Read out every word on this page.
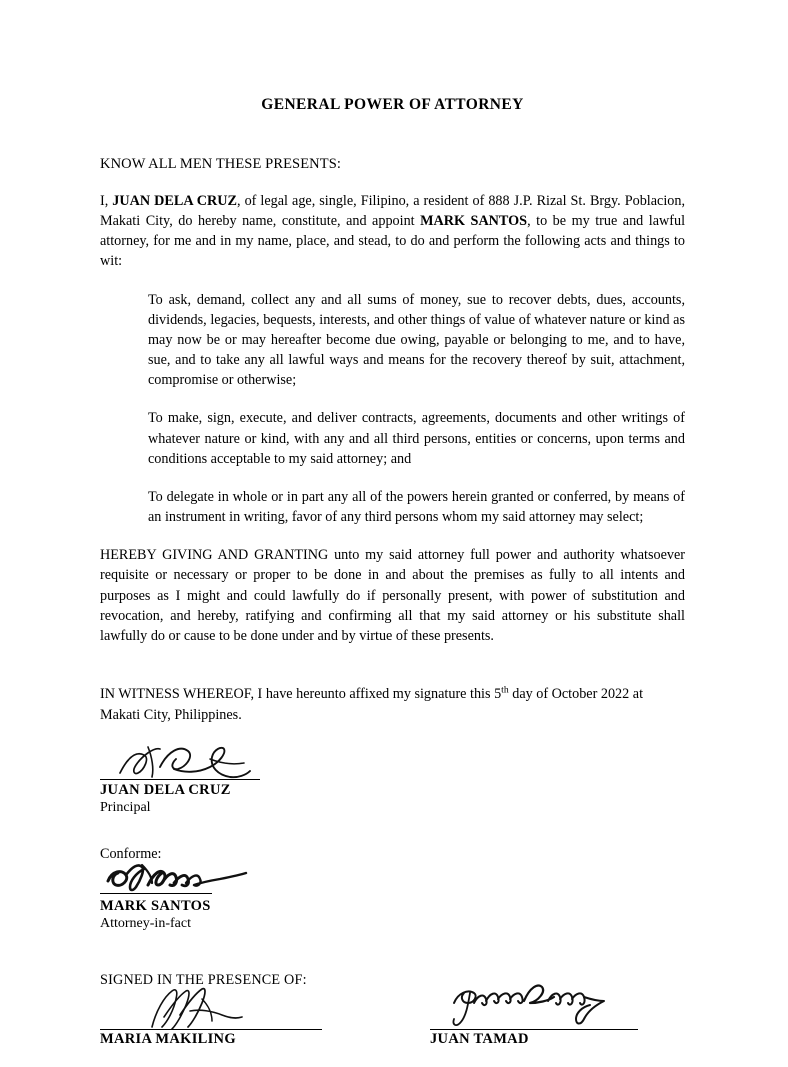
GENERAL POWER OF ATTORNEY
KNOW ALL MEN THESE PRESENTS:

I, JUAN DELA CRUZ, of legal age, single, Filipino, a resident of 888 J.P. Rizal St. Brgy. Poblacion, Makati City, do hereby name, constitute, and appoint MARK SANTOS, to be my true and lawful attorney, for me and in my name, place, and stead, to do and perform the following acts and things to wit:

To ask, demand, collect any and all sums of money, sue to recover debts, dues, accounts, dividends, legacies, bequests, interests, and other things of value of whatever nature or kind as may now be or may hereafter become due owing, payable or belonging to me, and to have, sue, and to take any all lawful ways and means for the recovery thereof by suit, attachment, compromise or otherwise;

To make, sign, execute, and deliver contracts, agreements, documents and other writings of whatever nature or kind, with any and all third persons, entities or concerns, upon terms and conditions acceptable to my said attorney; and

To delegate in whole or in part any all of the powers herein granted or conferred, by means of an instrument in writing, favor of any third persons whom my said attorney may select;

HEREBY GIVING AND GRANTING unto my said attorney full power and authority whatsoever requisite or necessary or proper to be done in and about the premises as fully to all intents and purposes as I might and could lawfully do if personally present, with power of substitution and revocation, and hereby, ratifying and confirming all that my said attorney or his substitute shall lawfully do or cause to be done under and by virtue of these presents.

IN WITNESS WHEREOF, I have hereunto affixed my signature this 5th day of October 2022 at Makati City, Philippines.

JUAN DELA CRUZ
Principal
Conforme:
MARK SANTOS
Attorney-in-fact
SIGNED IN THE PRESENCE OF:
MARIA MAKILING	JUAN TAMAD
